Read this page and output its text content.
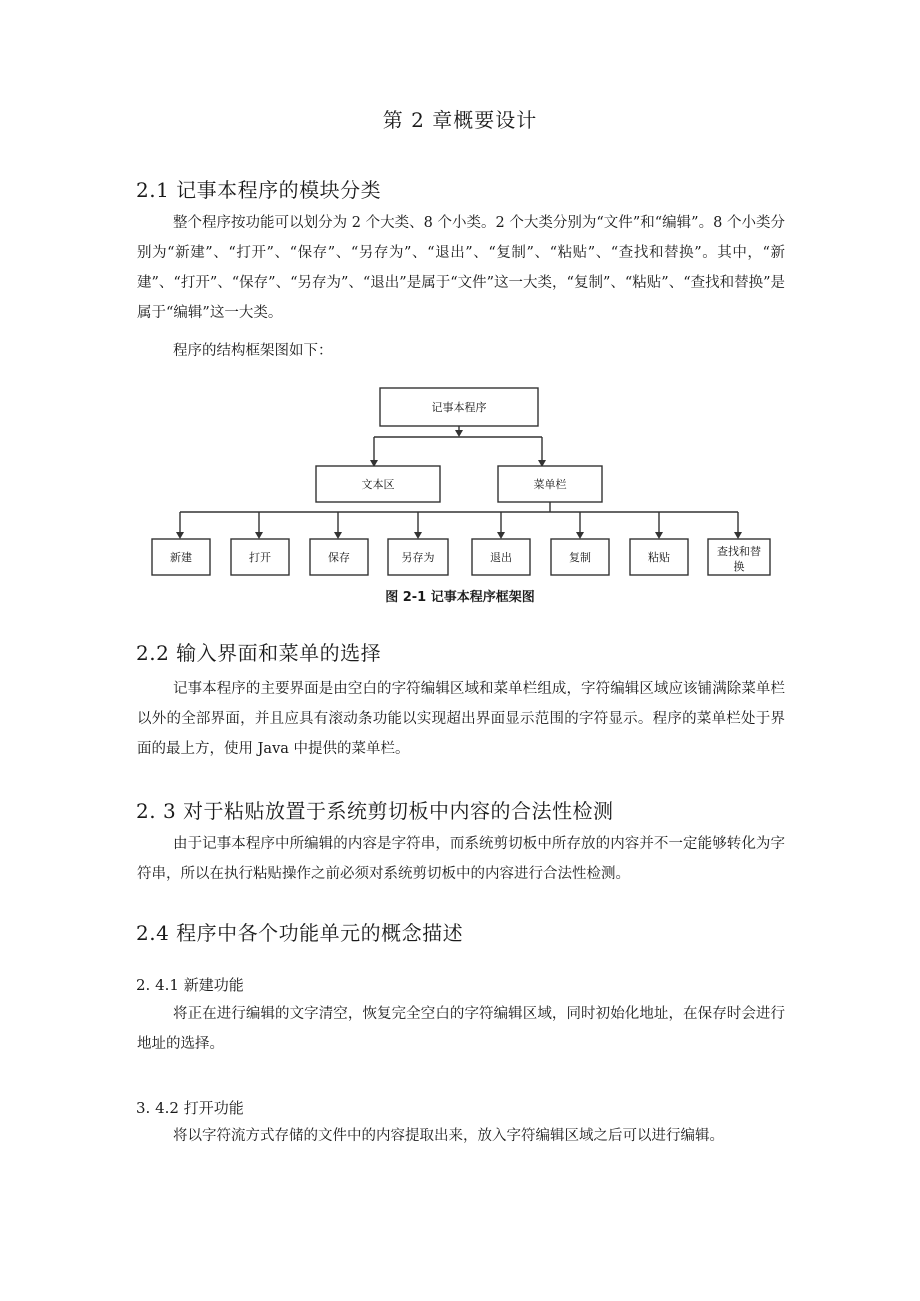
第 2 章概要设计
2.1 记事本程序的模块分类

整个程序按功能可以划分为 2 个大类、8 个小类。2 个大类分别为“文件”和“编辑”。8 个小类分别为“新建”、“打开”、“保存”、“另存为”、“退出”、“复制”、“粘贴”、“查找和替换”。其中，“新建”、“打开”、“保存”、“另存为”、“退出”是属于“文件”这一大类，“复制”、“粘贴”、“查找和替换”是属于“编辑”这一大类。

程序的结构框架图如下：
记事本程序
文本区	菜单栏
新建	打开	保存	另存为	退出	复制	粘贴	查找和替
换
图 2-1 记事本程序框架图
2.2 输入界面和菜单的选择

记事本程序的主要界面是由空白的字符编辑区域和菜单栏组成，字符编辑区域应该铺满除菜单栏以外的全部界面，并且应具有滚动条功能以实现超出界面显示范围的字符显示。程序的菜单栏处于界面的最上方，使用 Java 中提供的菜单栏。

2. 3 对于粘贴放置于系统剪切板中内容的合法性检测

由于记事本程序中所编辑的内容是字符串，而系统剪切板中所存放的内容并不一定能够转化为字符串，所以在执行粘贴操作之前必须对系统剪切板中的内容进行合法性检测。

2.4 程序中各个功能单元的概念描述
2. 4.1 新建功能

将正在进行编辑的文字清空，恢复完全空白的字符编辑区域，同时初始化地址，在保存时会进行地址的选择。

3. 4.2 打开功能

将以字符流方式存储的文件中的内容提取出来，放入字符编辑区域之后可以进行编辑。
